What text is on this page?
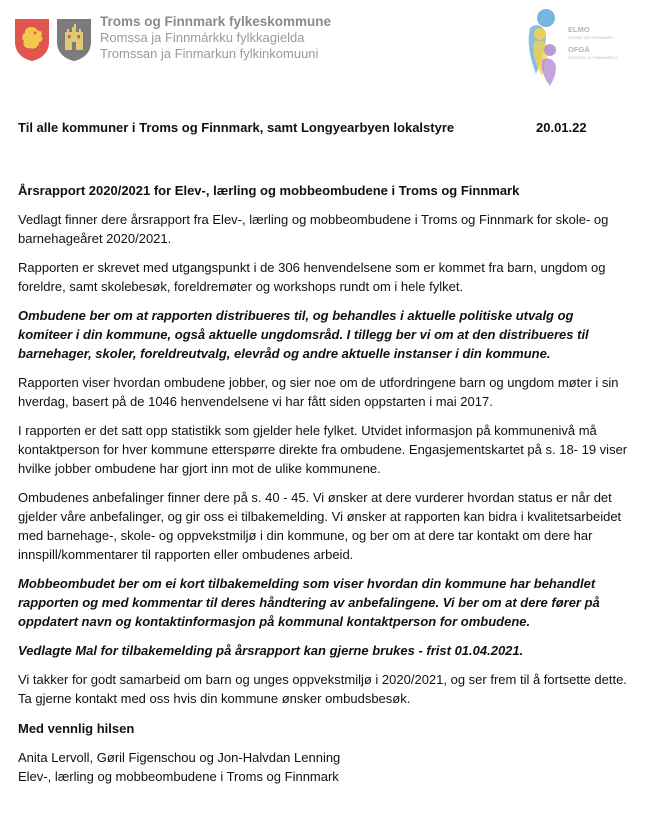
Troms og Finnmark fylkeskommune
Romssa ja Finnmárkku fylkkagielda
Tromssan ja Finmarkun fylkinkomuuni
ELMO
TROMS OG FINNMARK
OFGÁ
ROMSSA JA FINNMÁRKU
Til alle kommuner i Troms og Finnmark, samt Longyearbyen lokalstyre	20.01.22

Årsrapport 2020/2021 for Elev-, lærling og mobbeombudene i Troms og Finnmark

Vedlagt finner dere årsrapport fra Elev-, lærling og mobbeombudene i Troms og Finnmark for skole- og barnehageåret 2020/2021.

Rapporten er skrevet med utgangspunkt i de 306 henvendelsene som er kommet fra barn, ungdom og foreldre, samt skolebesøk, foreldremøter og workshops rundt om i hele fylket.

Ombudene ber om at rapporten distribueres til, og behandles i aktuelle politiske utvalg og komiteer i din kommune, også aktuelle ungdomsråd. I tillegg ber vi om at den distribueres til barnehager, skoler, foreldreutvalg, elevråd og andre aktuelle instanser i din kommune.

Rapporten viser hvordan ombudene jobber, og sier noe om de utfordringene barn og ungdom møter i sin hverdag, basert på de 1046 henvendelsene vi har fått siden oppstarten i mai 2017.

I rapporten er det satt opp statistikk som gjelder hele fylket. Utvidet informasjon på kommunenivå må kontaktperson for hver kommune etterspørre direkte fra ombudene. Engasjementskartet på s. 18- 19 viser hvilke jobber ombudene har gjort inn mot de ulike kommunene.

Ombudenes anbefalinger finner dere på s. 40 - 45. Vi ønsker at dere vurderer hvordan status er når det gjelder våre anbefalinger, og gir oss ei tilbakemelding. Vi ønsker at rapporten kan bidra i kvalitetsarbeidet med barnehage-, skole- og oppvekstmiljø i din kommune, og ber om at dere tar kontakt om dere har innspill/kommentarer til rapporten eller ombudenes arbeid.

Mobbeombudet ber om ei kort tilbakemelding som viser hvordan din kommune har behandlet rapporten og med kommentar til deres håndtering av anbefalingene. Vi ber om at dere fører på oppdatert navn og kontaktinformasjon på kommunal kontaktperson for ombudene.

Vedlagte Mal for tilbakemelding på årsrapport kan gjerne brukes - frist 01.04.2021.

Vi takker for godt samarbeid om barn og unges oppvekstmiljø i 2020/2021, og ser frem til å fortsette dette. Ta gjerne kontakt med oss hvis din kommune ønsker ombudsbesøk.

Med vennlig hilsen

Anita Lervoll, Gøril Figenschou og Jon-Halvdan Lenning

Elev-, lærling og mobbeombudene i Troms og Finnmark
